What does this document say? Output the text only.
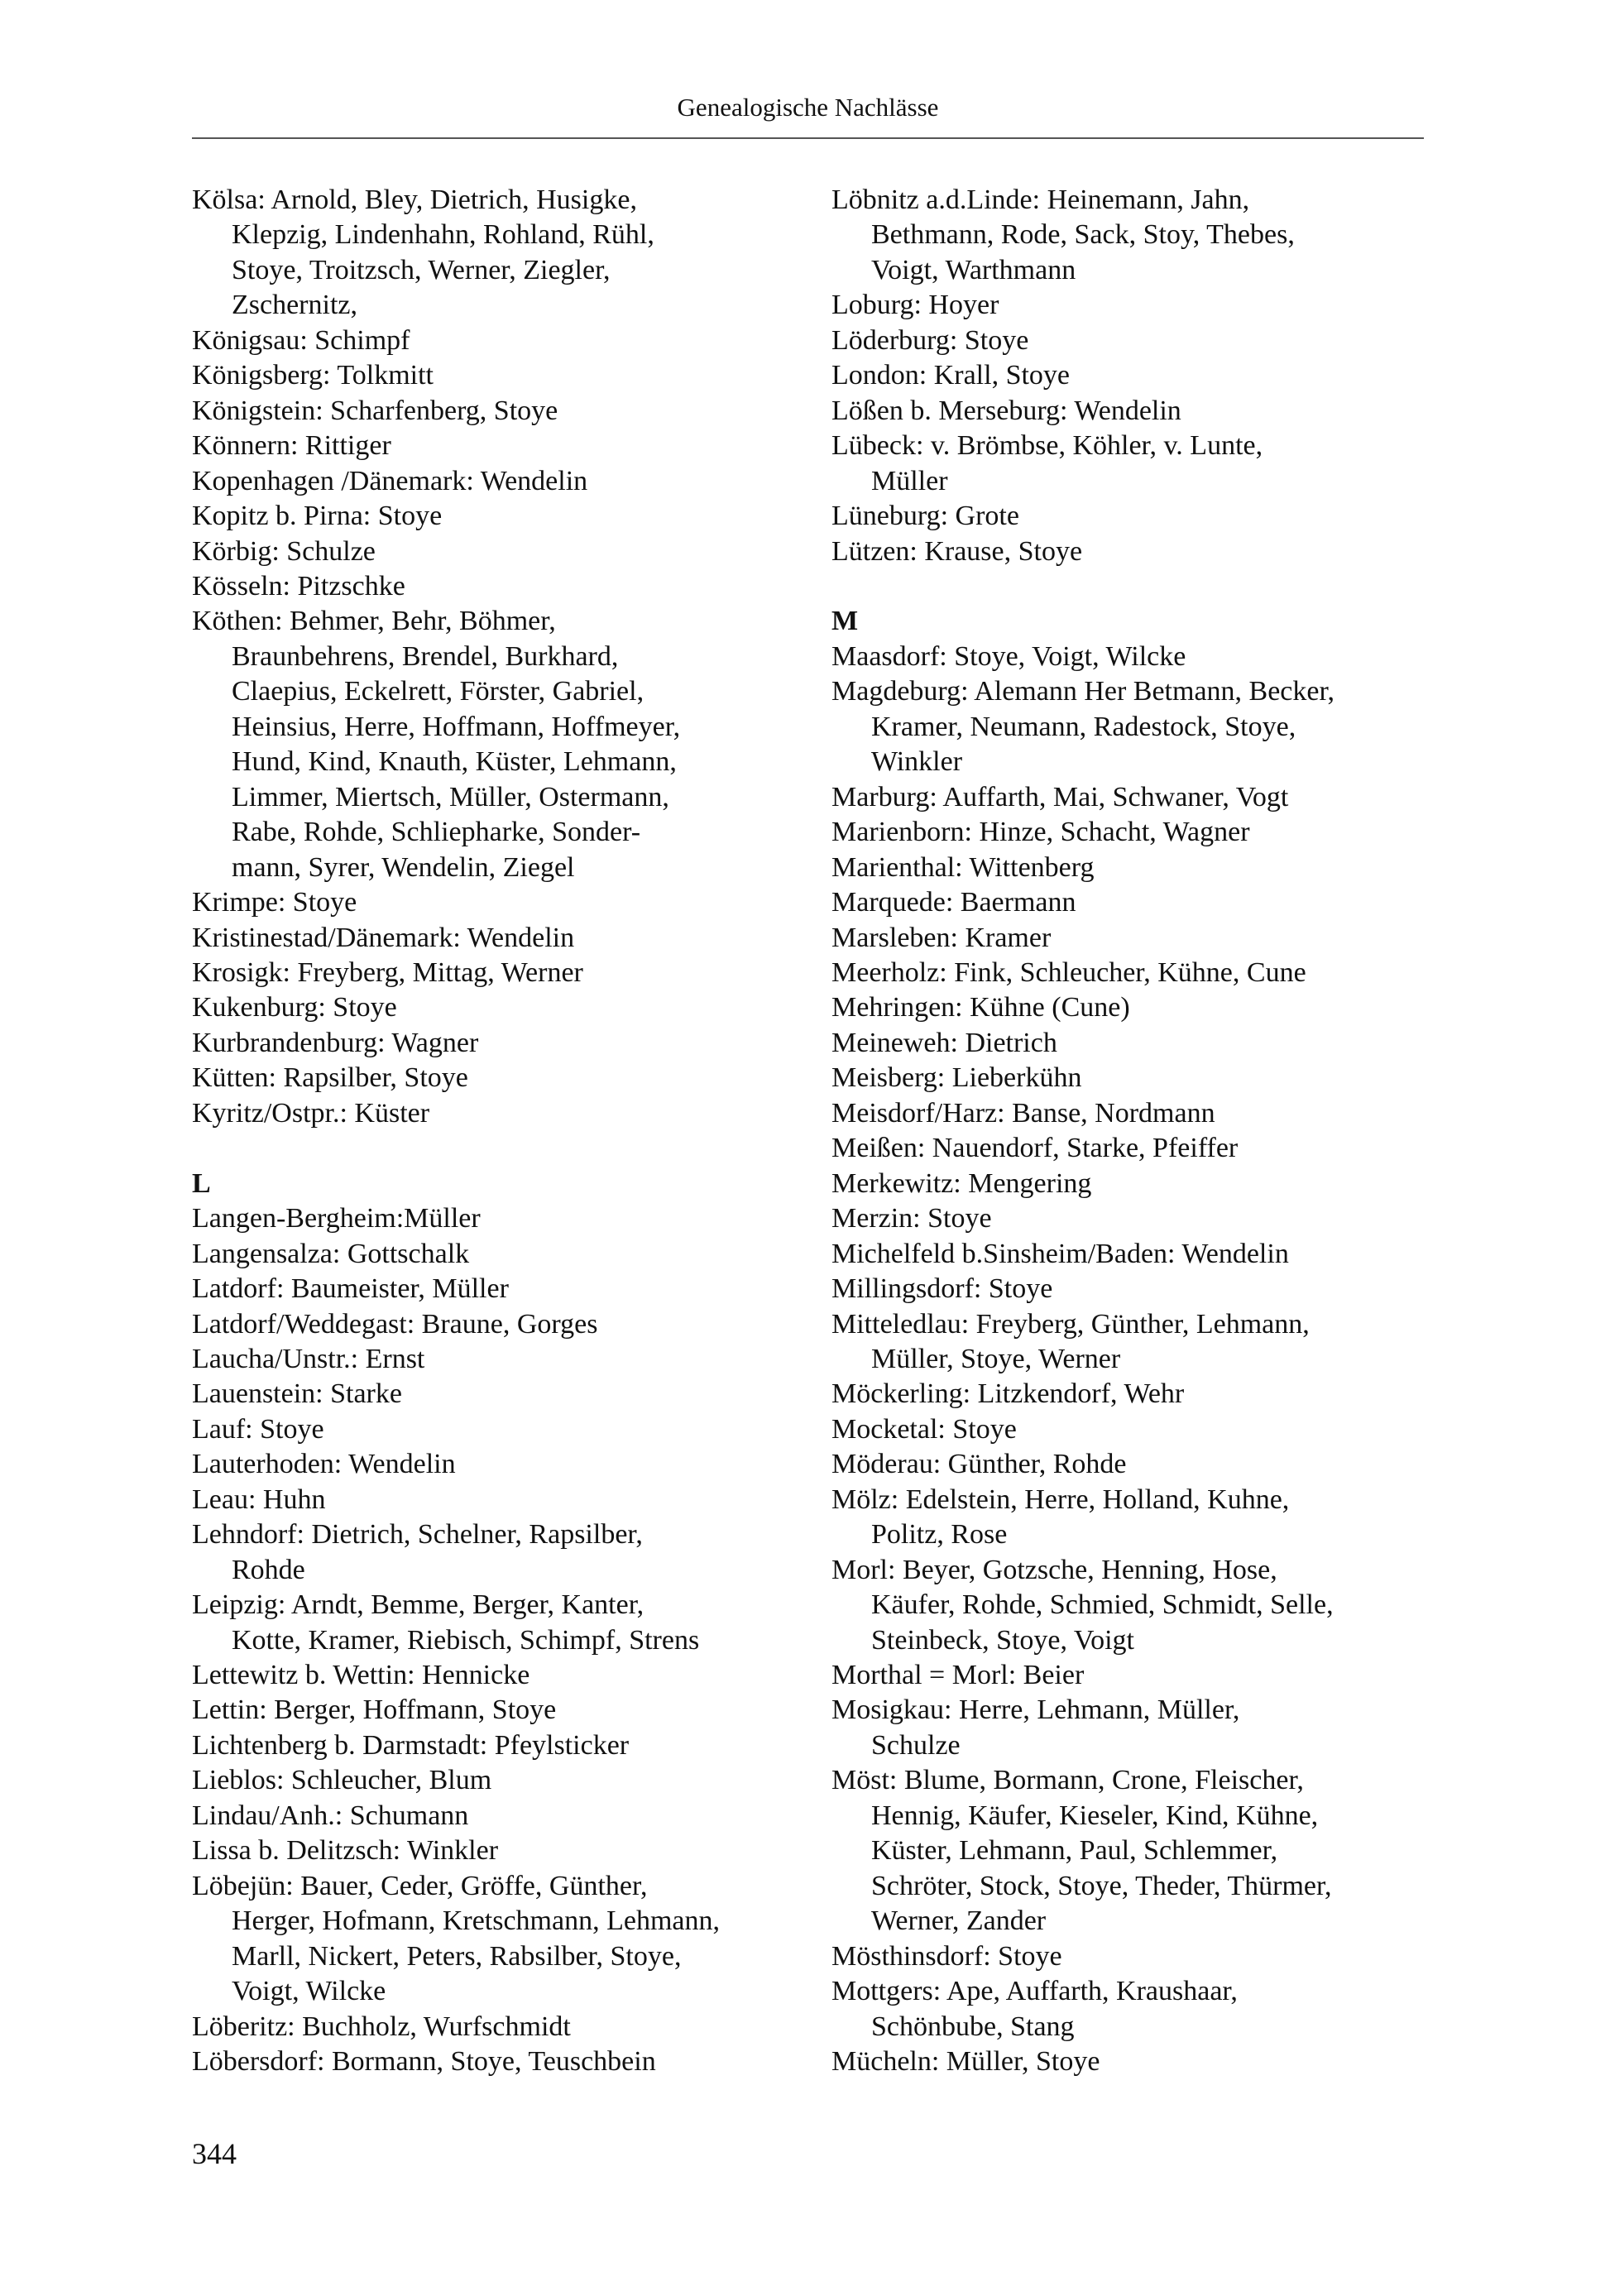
Genealogische Nachlässe
Kölsa: Arnold, Bley, Dietrich, Husigke,
Klepzig, Lindenhahn, Rohland, Rühl,
Stoye, Troitzsch, Werner, Ziegler,
Zschernitz,
Königsau: Schimpf
Königsberg: Tolkmitt
Königstein: Scharfenberg, Stoye
Könnern: Rittiger
Kopenhagen /Dänemark: Wendelin
Kopitz b. Pirna: Stoye
Körbig: Schulze
Kösseln: Pitzschke
Köthen: Behmer, Behr, Böhmer,
Braunbehrens, Brendel, Burkhard,
Claepius, Eckelrett, Förster, Gabriel,
Heinsius, Herre, Hoffmann, Hoffmeyer,
Hund, Kind, Knauth, Küster, Lehmann,
Limmer, Miertsch, Müller, Ostermann,
Rabe, Rohde, Schliepharke, Sonder-
mann, Syrer, Wendelin, Ziegel
Krimpe: Stoye
Kristinestad/Dänemark: Wendelin
Krosigk: Freyberg, Mittag, Werner
Kukenburg: Stoye
Kurbrandenburg: Wagner
Kütten: Rapsilber, Stoye
Kyritz/Ostpr.: Küster
L
Langen-Bergheim:Müller
Langensalza: Gottschalk
Latdorf: Baumeister, Müller
Latdorf/Weddegast: Braune, Gorges
Laucha/Unstr.: Ernst
Lauenstein: Starke
Lauf: Stoye
Lauterhoden: Wendelin
Leau: Huhn
Lehndorf: Dietrich, Schelner, Rapsilber,
Rohde
Leipzig: Arndt, Bemme, Berger, Kanter,
Kotte, Kramer, Riebisch, Schimpf, Strens
Lettewitz b. Wettin: Hennicke
Lettin: Berger, Hoffmann, Stoye
Lichtenberg b. Darmstadt: Pfeylsticker
Lieblos: Schleucher, Blum
Lindau/Anh.: Schumann
Lissa b. Delitzsch: Winkler
Löbejün: Bauer, Ceder, Gröffe, Günther,
Herger, Hofmann, Kretschmann, Lehmann,
Marll, Nickert, Peters, Rabsilber, Stoye,
Voigt, Wilcke
Löberitz: Buchholz, Wurfschmidt
Löbersdorf: Bormann, Stoye, Teuschbein
Löbnitz a.d.Linde: Heinemann, Jahn,
Bethmann, Rode, Sack, Stoy, Thebes,
Voigt, Warthmann
Loburg: Hoyer
Löderburg: Stoye
London: Krall, Stoye
Lößen b. Merseburg: Wendelin
Lübeck: v. Brömbse, Köhler, v. Lunte,
Müller
Lüneburg: Grote
Lützen: Krause, Stoye
M
Maasdorf: Stoye, Voigt, Wilcke
Magdeburg: Alemann Her Betmann, Becker,
Kramer, Neumann, Radestock, Stoye,
Winkler
Marburg: Auffarth, Mai, Schwaner, Vogt
Marienborn: Hinze, Schacht, Wagner
Marienthal: Wittenberg
Marquede: Baermann
Marsleben: Kramer
Meerholz: Fink, Schleucher, Kühne, Cune
Mehringen: Kühne (Cune)
Meineweh: Dietrich
Meisberg: Lieberkühn
Meisdorf/Harz: Banse, Nordmann
Meißen: Nauendorf, Starke, Pfeiffer
Merkewitz: Mengering
Merzin: Stoye
Michelfeld b.Sinsheim/Baden: Wendelin
Millingsdorf: Stoye
Mitteledlau: Freyberg, Günther, Lehmann,
Müller, Stoye, Werner
Möckerling: Litzkendorf, Wehr
Mocketal: Stoye
Möderau: Günther, Rohde
Mölz: Edelstein, Herre, Holland, Kuhne,
Politz, Rose
Morl: Beyer, Gotzsche, Henning, Hose,
Käufer, Rohde, Schmied, Schmidt, Selle,
Steinbeck, Stoye, Voigt
Morthal = Morl: Beier
Mosigkau: Herre, Lehmann, Müller,
Schulze
Möst: Blume, Bormann, Crone, Fleischer,
Hennig, Käufer, Kieseler, Kind, Kühne,
Küster, Lehmann, Paul, Schlemmer,
Schröter, Stock, Stoye, Theder, Thürmer,
Werner, Zander
Mösthinsdorf: Stoye
Mottgers: Ape, Auffarth, Kraushaar,
Schönbube, Stang
Mücheln: Müller, Stoye
344
